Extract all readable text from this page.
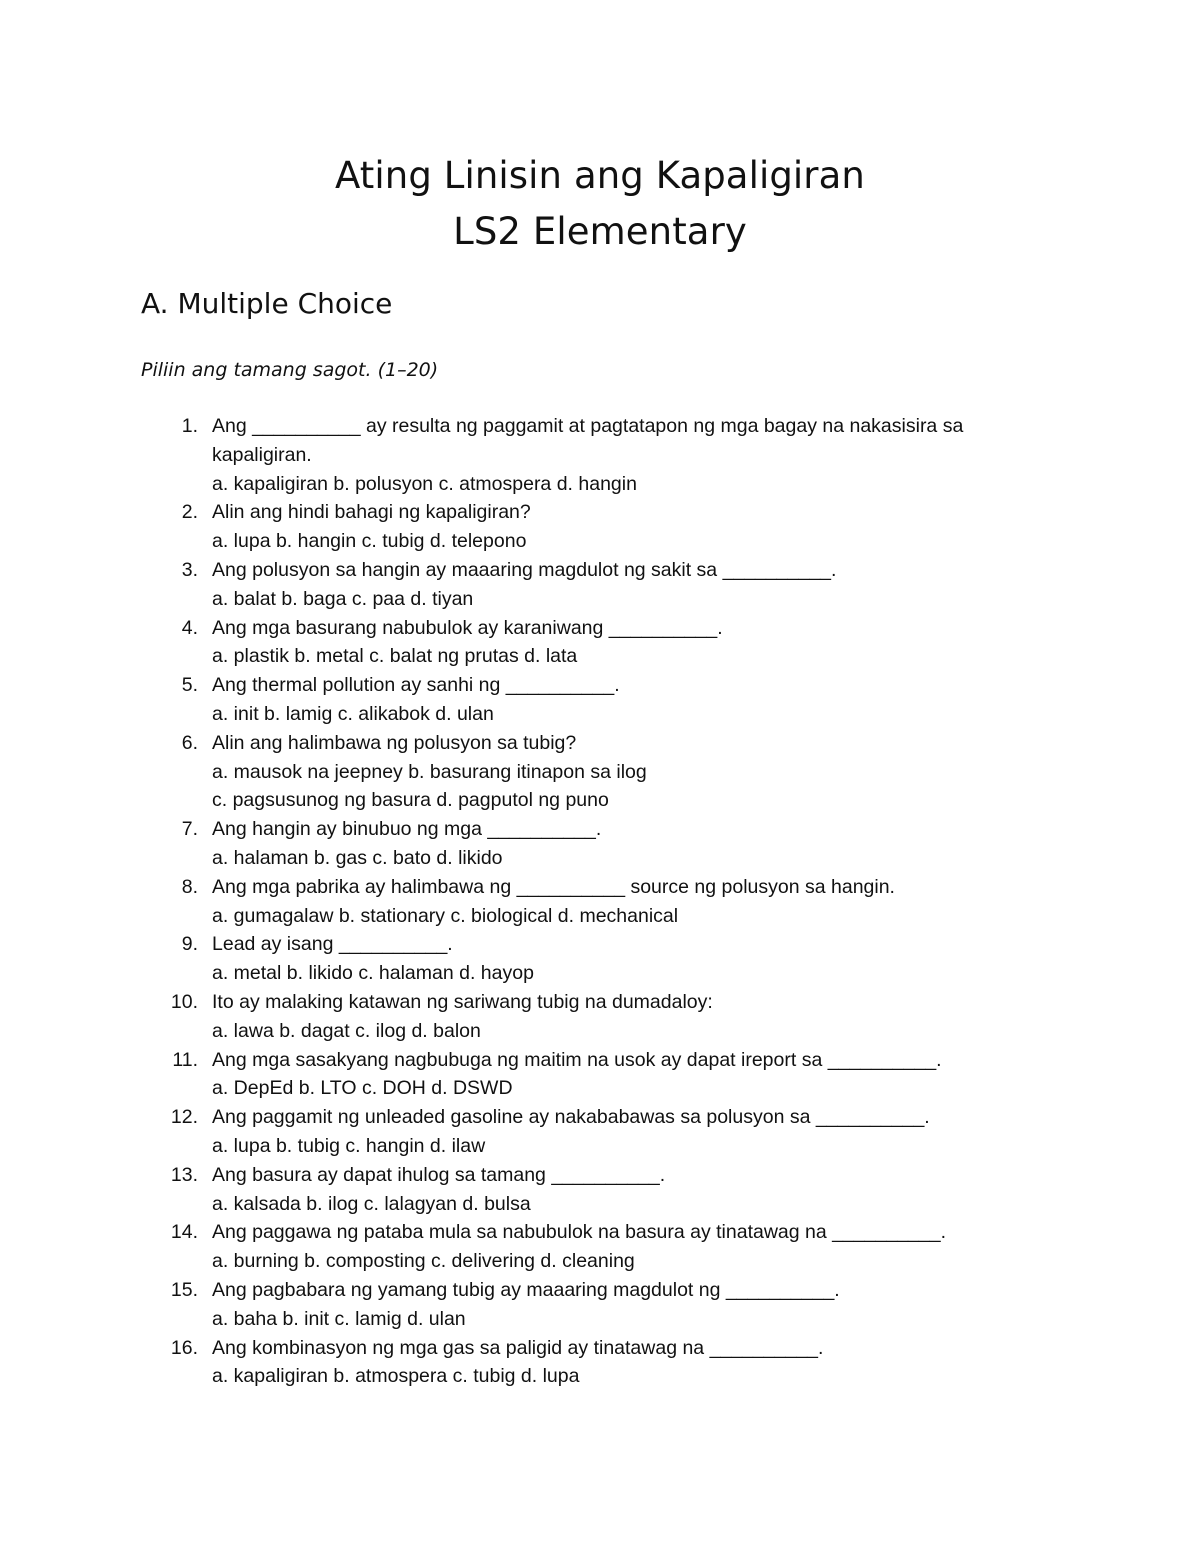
Ating Linisin ang Kapaligiran
LS2 Elementary
A. Multiple Choice
Piliin ang tamang sagot. (1–20)
1. Ang __________ ay resulta ng paggamit at pagtatapon ng mga bagay na nakasisira sa
kapaligiran.
a. kapaligiran b. polusyon c. atmospera d. hangin
2. Alin ang hindi bahagi ng kapaligiran?
a. lupa b. hangin c. tubig d. telepono
3. Ang polusyon sa hangin ay maaaring magdulot ng sakit sa __________.
a. balat b. baga c. paa d. tiyan
4. Ang mga basurang nabubulok ay karaniwang __________.
a. plastik b. metal c. balat ng prutas d. lata
5. Ang thermal pollution ay sanhi ng __________.
a. init b. lamig c. alikabok d. ulan
6. Alin ang halimbawa ng polusyon sa tubig?
a. mausok na jeepney b. basurang itinapon sa ilog
c. pagsusunog ng basura d. pagputol ng puno
7. Ang hangin ay binubuo ng mga __________.
a. halaman b. gas c. bato d. likido
8. Ang mga pabrika ay halimbawa ng __________ source ng polusyon sa hangin.
a. gumagalaw b. stationary c. biological d. mechanical
9. Lead ay isang __________.
a. metal b. likido c. halaman d. hayop
10. Ito ay malaking katawan ng sariwang tubig na dumadaloy:
a. lawa b. dagat c. ilog d. balon
11. Ang mga sasakyang nagbubuga ng maitim na usok ay dapat ireport sa __________.
a. DepEd b. LTO c. DOH d. DSWD
12. Ang paggamit ng unleaded gasoline ay nakababawas sa polusyon sa __________.
a. lupa b. tubig c. hangin d. ilaw
13. Ang basura ay dapat ihulog sa tamang __________.
a. kalsada b. ilog c. lalagyan d. bulsa
14. Ang paggawa ng pataba mula sa nabubulok na basura ay tinatawag na __________.
a. burning b. composting c. delivering d. cleaning
15. Ang pagbabara ng yamang tubig ay maaaring magdulot ng __________.
a. baha b. init c. lamig d. ulan
16. Ang kombinasyon ng mga gas sa paligid ay tinatawag na __________.
a. kapaligiran b. atmospera c. tubig d. lupa
